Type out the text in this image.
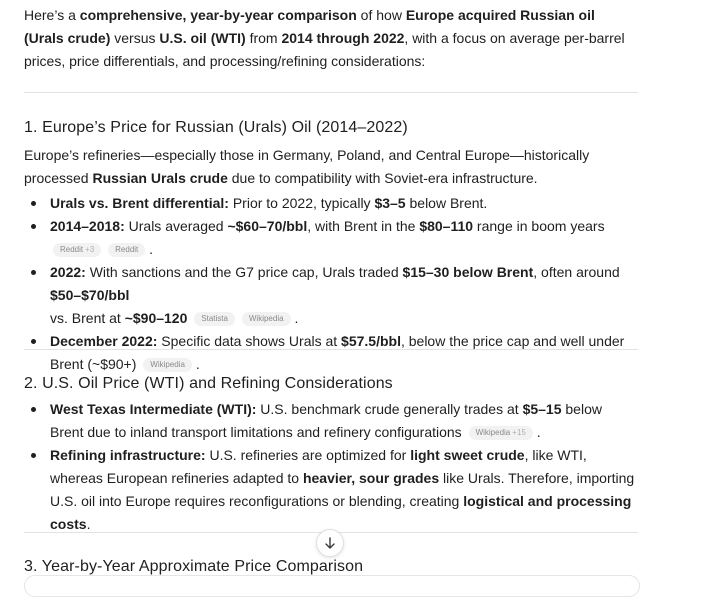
Here’s a comprehensive, year-by-year comparison of how Europe acquired Russian oil (Urals crude) versus U.S. oil (WTI) from 2014 through 2022, with a focus on average per-barrel prices, price differentials, and processing/refining considerations:

1. Europe’s Price for Russian (Urals) Oil (2014–2022)

Europe’s refineries—especially those in Germany, Poland, and Central Europe—historically processed Russian Urals crude due to compatibility with Soviet-era infrastructure.

Urals vs. Brent differential: Prior to 2022, typically $3–5 below Brent.
2014–2018: Urals averaged ~$60–70/bbl, with Brent in the $80–110 range in boom years Reddit +3	Reddit .
2022: With sanctions and the G7 price cap, Urals traded $15–30 below Brent, often around $50–$70/bbl
vs. Brent at ~$90–120 Statista	Wikipedia .
December 2022: Specific data shows Urals at $57.5/bbl, below the price cap and well under Brent (~$90+) Wikipedia .
2. U.S. Oil Price (WTI) and Refining Considerations
West Texas Intermediate (WTI): U.S. benchmark crude generally trades at $5–15 below Brent due to inland transport limitations and refinery configurations Wikipedia +15 .
Refining infrastructure: U.S. refineries are optimized for light sweet crude, like WTI, whereas European refineries adapted to heavier, sour grades like Urals. Therefore, importing U.S. oil into Europe requires reconfigurations or blending, creating logistical and processing costs.
3. Year-by-Year Approximate Price Comparison
